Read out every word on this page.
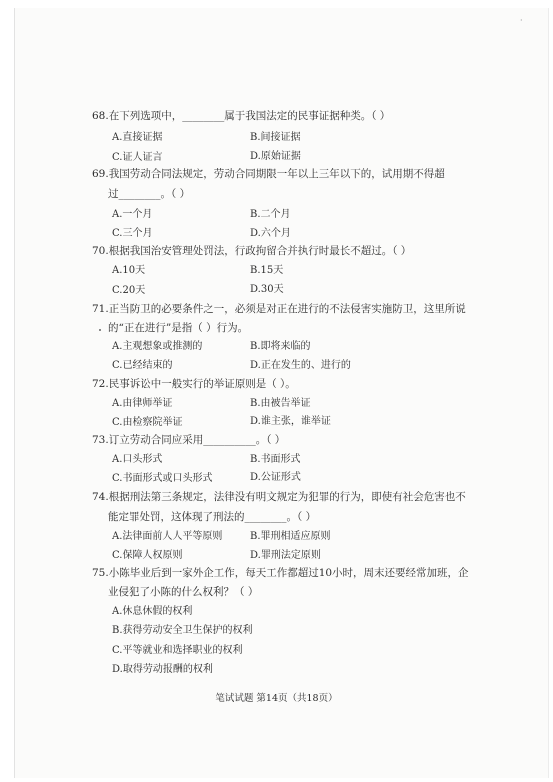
·
68.在下列选项中，________属于我国法定的民事证据种类。（ ）
A.直接证据	B.间接证据
C.证人证言	D.原始证据
69.我国劳动合同法规定，劳动合同期限一年以上三年以下的，试用期不得超
过________。（ ）
A.一个月	B.二个月
C.三个月	D.六个月
70.根据我国治安管理处罚法，行政拘留合并执行时最长不超过。（ ）
A.10天	B.15天
C.20天	D.30天
71.正当防卫的必要条件之一，必须是对正在进行的不法侵害实施防卫，这里所说
的“正在进行”是指（ ）行为。
A.主观想象或推测的	B.即将来临的
C.已经结束的	D.正在发生的、进行的
72.民事诉讼中一般实行的举证原则是（ ）。
A.由律师举证	B.由被告举证
C.由检察院举证	D.谁主张，谁举证
73.订立劳动合同应采用__________。（ ）
A.口头形式	B.书面形式
C.书面形式或口头形式	D.公证形式
74.根据刑法第三条规定，法律没有明文规定为犯罪的行为，即使有社会危害也不
能定罪处罚，这体现了刑法的________。（ ）
A.法律面前人人平等原则	B.罪刑相适应原则
C.保障人权原则	D.罪刑法定原则
75.小陈毕业后到一家外企工作，每天工作都超过10小时，周末还要经常加班，企
业侵犯了小陈的什么权利？（ ）
A.休息休假的权利
B.获得劳动安全卫生保护的权利
C.平等就业和选择职业的权利
D.取得劳动报酬的权利
笔试试题 第14页（共18页）
